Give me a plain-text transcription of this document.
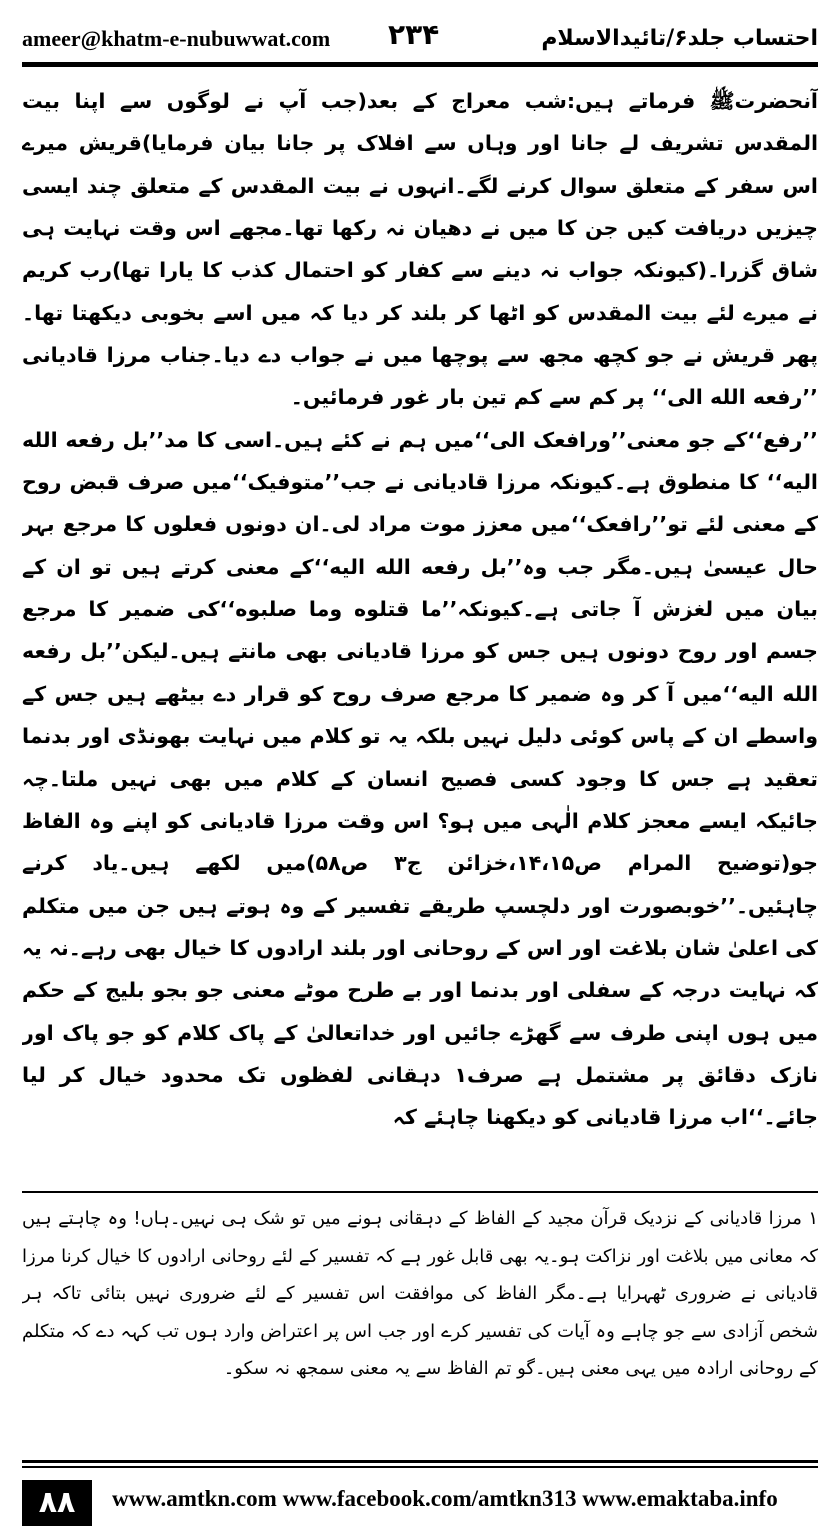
ameer@khatm-e-nubuwwat.com ۲۳۴	احتساب جلد۶/تائیدالاسلام

آنحضرتﷺ فرماتے ہیں:شب معراج کے بعد(جب آپ نے لوگوں سے اپنا بیت المقدس تشریف لے جانا اور وہاں سے افلاک پر جانا بیان فرمایا)قریش میرے اس سفر کے متعلق سوال کرنے لگے۔انہوں نے بیت المقدس کے متعلق چند ایسی چیزیں دریافت کیں جن کا میں نے دھیان نہ رکھا تھا۔مجھے اس وقت نہایت ہی شاق گزرا۔(کیونکہ جواب نہ دینے سے کفار کو احتمال کذب کا یارا تھا)رب کریم نے میرے لئے بیت المقدس کو اٹھا کر بلند کر دیا کہ میں اسے بخوبی دیکھتا تھا۔پھر قریش نے جو کچھ مجھ سے پوچھا میں نے جواب دے دیا۔جناب مرزا قادیانی ’’رفعه الله الی‘‘ پر کم سے کم تین بار غور فرمائیں۔

’’رفع‘‘کے جو معنی’’ورافعک الی‘‘میں ہم نے کئے ہیں۔اسی کا مد’’بل رفعه الله الیه‘‘ کا منطوق ہے۔کیونکہ مرزا قادیانی نے جب’’متوفیک‘‘میں صرف قبض روح کے معنی لئے تو’’رافعک‘‘میں معزز موت مراد لی۔ان دونوں فعلوں کا مرجع بہر حال عیسیٰ ہیں۔مگر جب وہ’’بل رفعه الله الیه‘‘کے معنی کرتے ہیں تو ان کے بیان میں لغزش آ جاتی ہے۔کیونکہ’’ما قتلوه وما صلبوه‘‘کی ضمیر کا مرجع جسم اور روح دونوں ہیں جس کو مرزا قادیانی بھی مانتے ہیں۔لیکن’’بل رفعه الله الیه‘‘میں آ کر وہ ضمیر کا مرجع صرف روح کو قرار دے بیٹھے ہیں جس کے واسطے ان کے پاس کوئی دلیل نہیں بلکہ یہ تو کلام میں نہایت بھونڈی اور بدنما تعقید ہے جس کا وجود کسی فصیح انسان کے کلام میں بھی نہیں ملتا۔چہ جائیکہ ایسے معجز کلام الٰہی میں ہو؟ اس وقت مرزا قادیانی کو اپنے وہ الفاظ جو(توضیح المرام ص۱۴،۱۵،خزائن ج۳ ص۵۸)میں لکھے ہیں۔یاد کرنے چاہئیں۔’’خوبصورت اور دلچسپ طریقے تفسیر کے وہ ہوتے ہیں جن میں متکلم کی اعلیٰ شان بلاغت اور اس کے روحانی اور بلند ارادوں کا خیال بھی رہے۔نہ یہ کہ نہایت درجہ کے سفلی اور بدنما اور بے طرح موٹے معنی جو بجو بلیج کے حکم میں ہوں اپنی طرف سے گھڑے جائیں اور خداتعالیٰ کے پاک کلام کو جو پاک اور نازک دقائق پر مشتمل ہے صرف۱ دہقانی لفظوں تک محدود خیال کر لیا جائے۔‘‘اب مرزا قادیانی کو دیکھنا چاہئے کہ

۱ مرزا قادیانی کے نزدیک قرآن مجید کے الفاظ کے دہقانی ہونے میں تو شک ہی نہیں۔ہاں! وہ چاہتے ہیں کہ معانی میں بلاغت اور نزاکت ہو۔یہ بھی قابل غور ہے کہ تفسیر کے لئے روحانی ارادوں کا خیال کرنا مرزا قادیانی نے ضروری ٹھہرایا ہے۔مگر الفاظ کی موافقت اس تفسیر کے لئے ضروری نہیں بتائی تاکہ ہر شخص آزادی سے جو چاہے وہ آیات کی تفسیر کرے اور جب اس پر اعتراض وارد ہوں تب کہہ دے کہ متکلم کے روحانی ارادہ میں یہی معنی ہیں۔گو تم الفاظ سے یہ معنی سمجھ نہ سکو۔

۸۸	www.amtkn.com www.facebook.com/amtkn313 www.emaktaba.info
